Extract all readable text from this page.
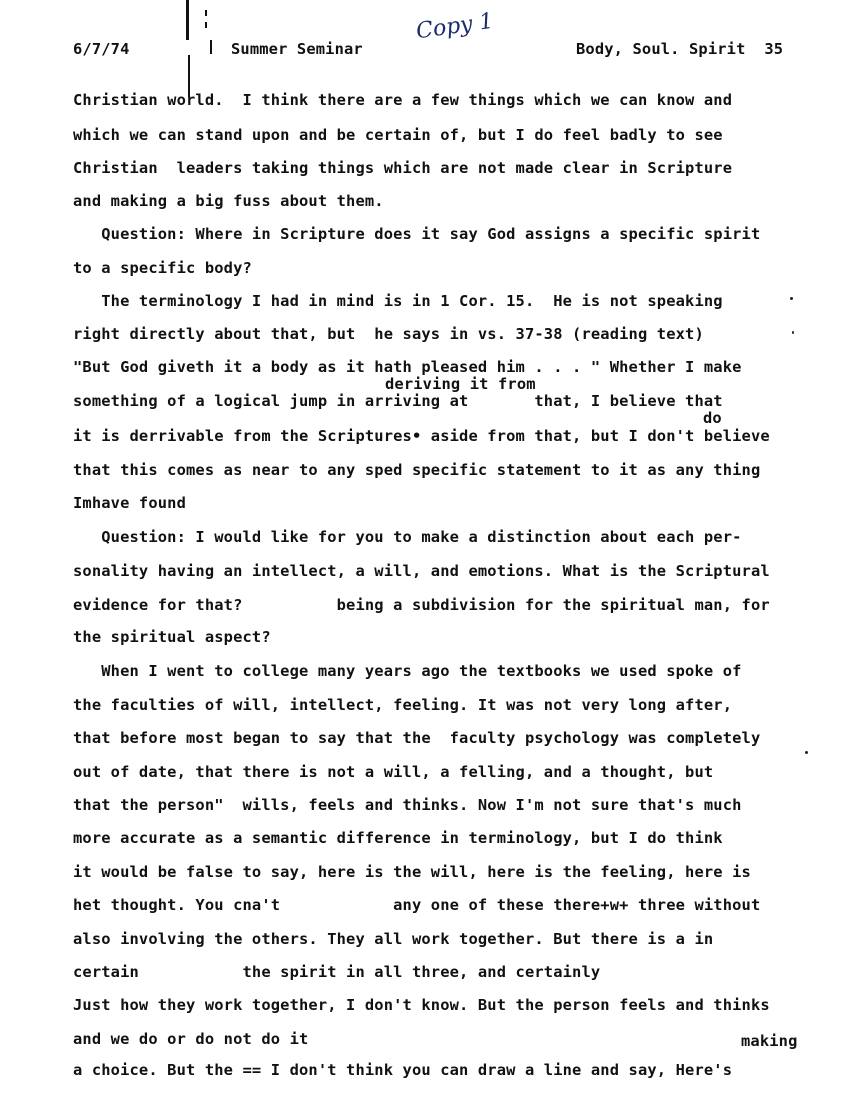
6/7/74	Summer Seminar
Copy 1
Body, Soul. Spirit  35
Christian world.  I think there are a few things which we can know and
which we can stand upon and be certain of, but I do feel badly to see
Christian  leaders taking things which are not made clear in Scripture
and making a big fuss about them.
Question: Where in Scripture does it say God assigns a specific spirit
to a specific body?
The terminology I had in mind is in 1 Cor. 15.  He is not speaking
right directly about that, but  he says in vs. 37-38 (reading text)
"But God giveth it a body as it hath pleased him . . . " Whether I make
deriving it from
something of a logical jump in arriving at       that, I believe that
do
it is derrivable from the Scriptures• aside from that, but I don't believe
that this comes as near to any sped specific statement to it as any thing
Imhave found
Question: I would like for you to make a distinction about each per-
sonality having an intellect, a will, and emotions. What is the Scriptural
evidence for that?          being a subdivision for the spiritual man, for
the spiritual aspect?
When I went to college many years ago the textbooks we used spoke of
the faculties of will, intellect, feeling. It was not very long after,
that before most began to say that the  faculty psychology was completely
out of date, that there is not a will, a felling, and a thought, but
that the person"  wills, feels and thinks. Now I'm not sure that's much
more accurate as a semantic difference in terminology, but I do think
it would be false to say, here is the will, here is the feeling, here is
het thought. You cna't            any one of these there+w+ three without
also involving the others. They all work together. But there is a in
certain           the spirit in all three, and certainly
Just how they work together, I don't know. But the person feels and thinks
and we do or do not do it	making
a choice. But the == I don't think you can draw a line and say, Here's
